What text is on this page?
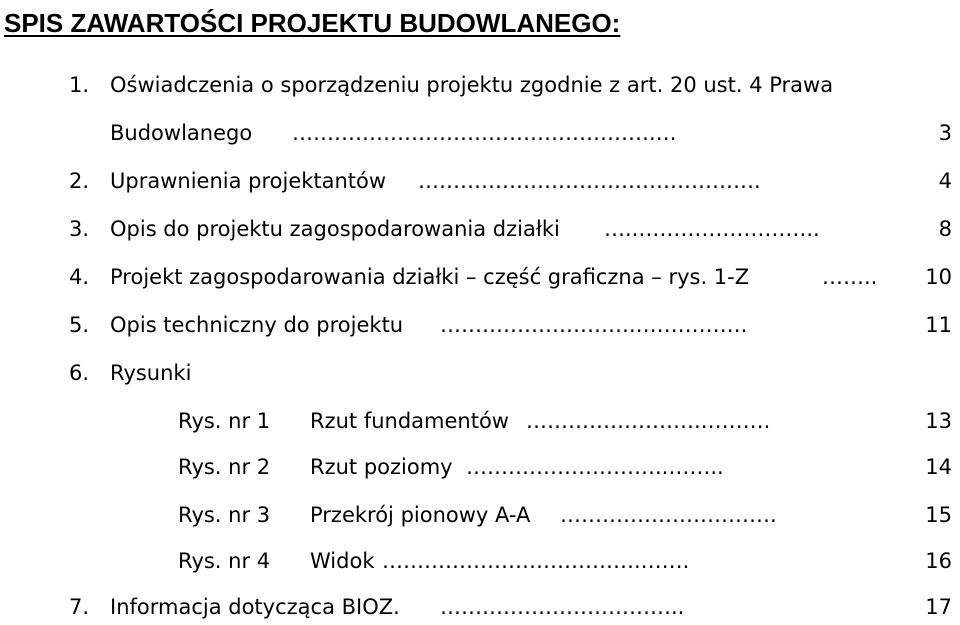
SPIS ZAWARTOŚCI PROJEKTU BUDOWLANEGO:
1. Oświadczenia o sporządzeniu projektu zgodnie z art. 20 ust. 4 Prawa
Budowlanego …………………………………………….…	3
2. Uprawnienia projektantów ………………………………………….	4
3. Opis do projektu zagospodarowania działki …..……………………..	8
4. Projekt zagospodarowania działki – część graficzna – rys. 1-Z	……..	10
5. Opis techniczny do projektu ……………………….…………….	11
6. Rysunki
Rys. nr 1 Rzut fundamentów …………………….……….	13
Rys. nr 2 Rzut poziomy ………………………..……..	14
Rys. nr 3 Przekrój pionowy A-A ………………………….	15
Rys. nr 4 Widok ……………………………….…….	16
7. Informacja dotycząca BIOZ. ……………………………..	17
